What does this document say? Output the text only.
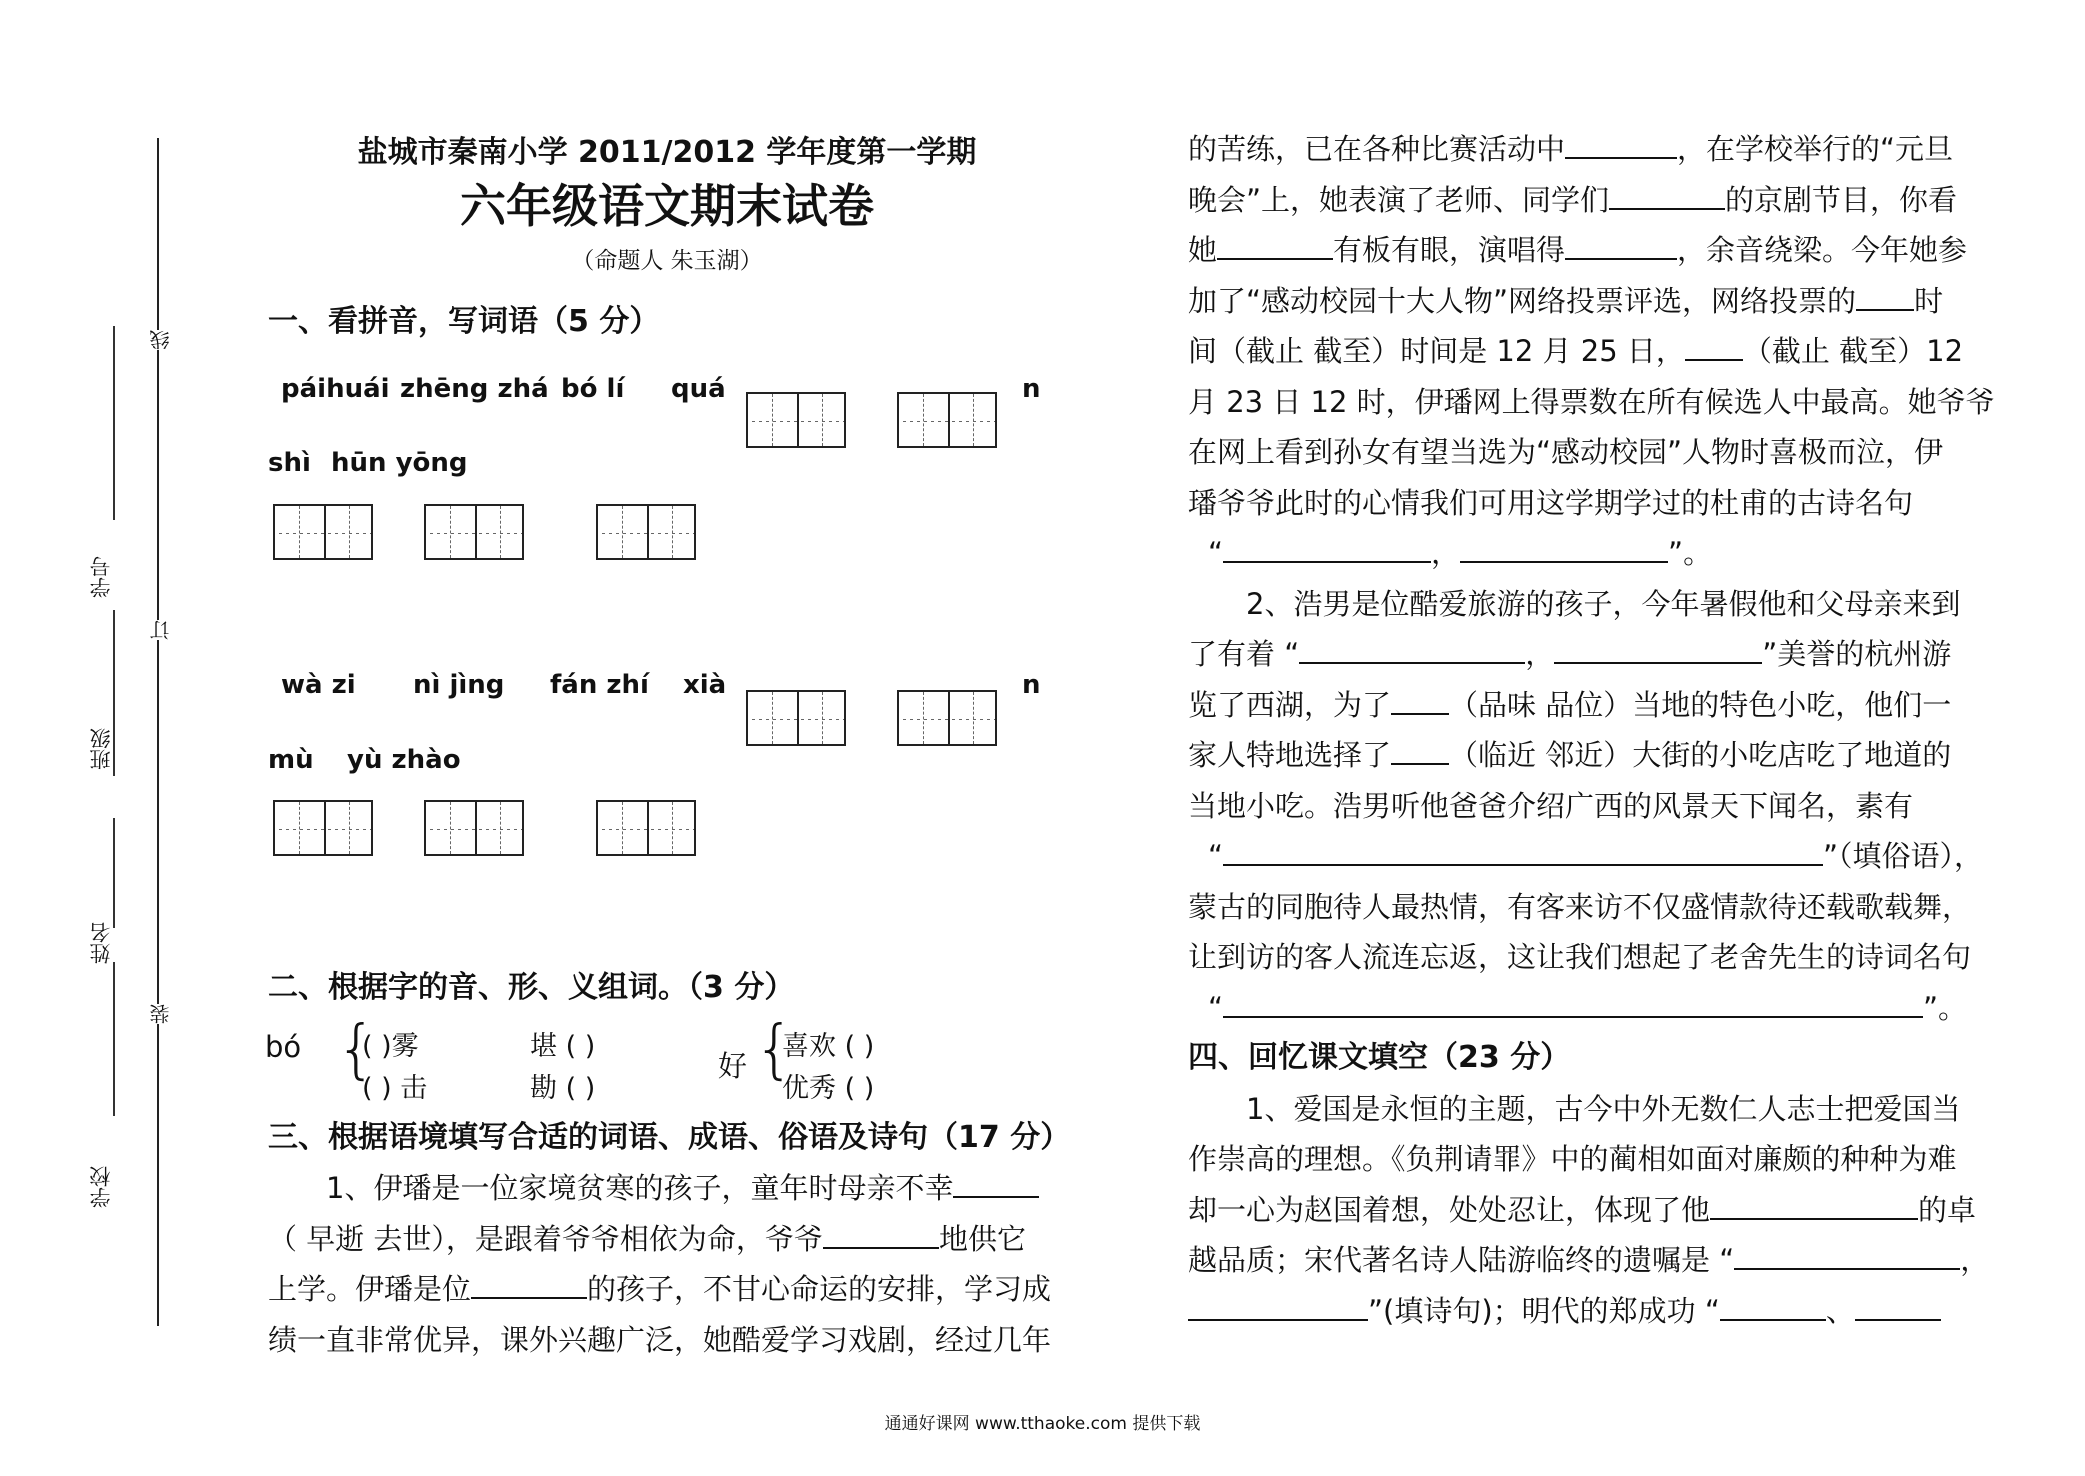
线
订
装
学号
班级
姓名
学校
盐城市秦南小学 2011/2012 学年度第一学期
六年级语文期末试卷
（命题人 朱玉湖）
一、看拼音，写词语（5 分）
páihuái zhēng zhá bó lí quá	n
shì hūn yōng
wà zi nì jìng fán zhí xià	n
mù yù zhào
二、根据字的音、形、义组词。（3 分）
bó {
( )雾	堪 ( )
( ) 击	勘 ( )
好 {
喜欢 ( )
优秀 ( )
三、根据语境填写合适的词语、成语、俗语及诗句（17 分）
1、伊璠是一位家境贫寒的孩子，童年时母亲不幸
（ 早逝 去世），是跟着爷爷相依为命，爷爷	地供它
上学。伊璠是位	的孩子，不甘心命运的安排，学习成
绩一直非常优异，课外兴趣广泛，她酷爱学习戏剧，经过几年
的苦练，已在各种比赛活动中	，在学校举行的“元旦
晚会”上，她表演了老师、同学们	的京剧节目，你看
她	有板有眼，演唱得	，余音绕梁。今年她参
加了“感动校园十大人物”网络投票评选，网络投票的 时
间（截止 截至）时间是 12 月 25 日， （截止 截至）12
月 23 日 12 时，伊璠网上得票数在所有候选人中最高。她爷爷
在网上看到孙女有望当选为“感动校园”人物时喜极而泣，伊
璠爷爷此时的心情我们可用这学期学过的杜甫的古诗名句
“	，	”。
2、浩男是位酷爱旅游的孩子，今年暑假他和父母亲来到
了有着 “	，	”美誉的杭州游
览了西湖，为了 （品味 品位）当地的特色小吃，他们一
家人特地选择了 （临近 邻近）大街的小吃店吃了地道的
当地小吃。浩男听他爸爸介绍广西的风景天下闻名，素有
“	”（填俗语），
蒙古的同胞待人最热情，有客来访不仅盛情款待还载歌载舞，
让到访的客人流连忘返，这让我们想起了老舍先生的诗词名句
“	”。
四、回忆课文填空（23 分）
1、爱国是永恒的主题，古今中外无数仁人志士把爱国当
作崇高的理想。《负荆请罪》中的蔺相如面对廉颇的种种为难
却一心为赵国着想，处处忍让，体现了他	的卓
越品质；宋代著名诗人陆游临终的遗嘱是 “	，
”(填诗句)；明代的郑成功 “	、
通通好课网 www.tthaoke.com 提供下载
